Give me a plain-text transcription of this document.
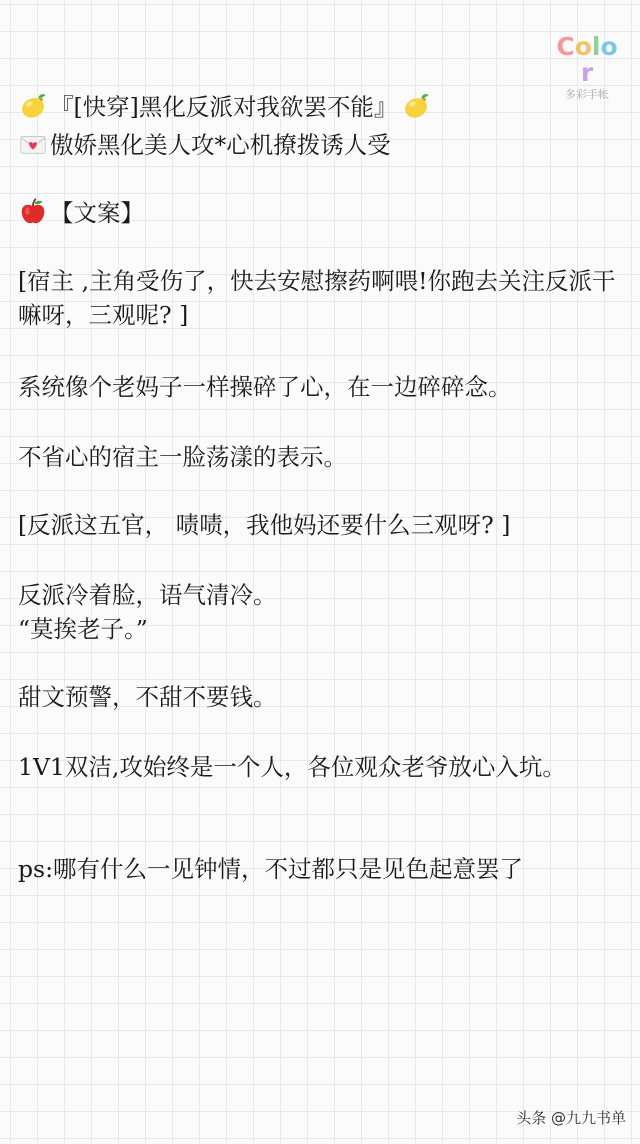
Color
多彩手帐
『[快穿]黑化反派对我欲罢不能』
傲娇黑化美人攻*心机撩拨诱人受
【文案】
[宿主 ,主角受伤了，快去安慰擦药啊喂!你跑去关注反派干嘛呀，三观呢? ]
系统像个老妈子一样操碎了心，在一边碎碎念。
不省心的宿主一脸荡漾的表示。
[反派这五官， 啧啧，我他妈还要什么三观呀? ]
反派冷着脸，语气清冷。
“莫挨老子。”
甜文预警，不甜不要钱。
1V1双洁,攻始终是一个人，各位观众老爷放心入坑。
ps:哪有什么一见钟情，不过都只是见色起意罢了
头条 @九九书单
